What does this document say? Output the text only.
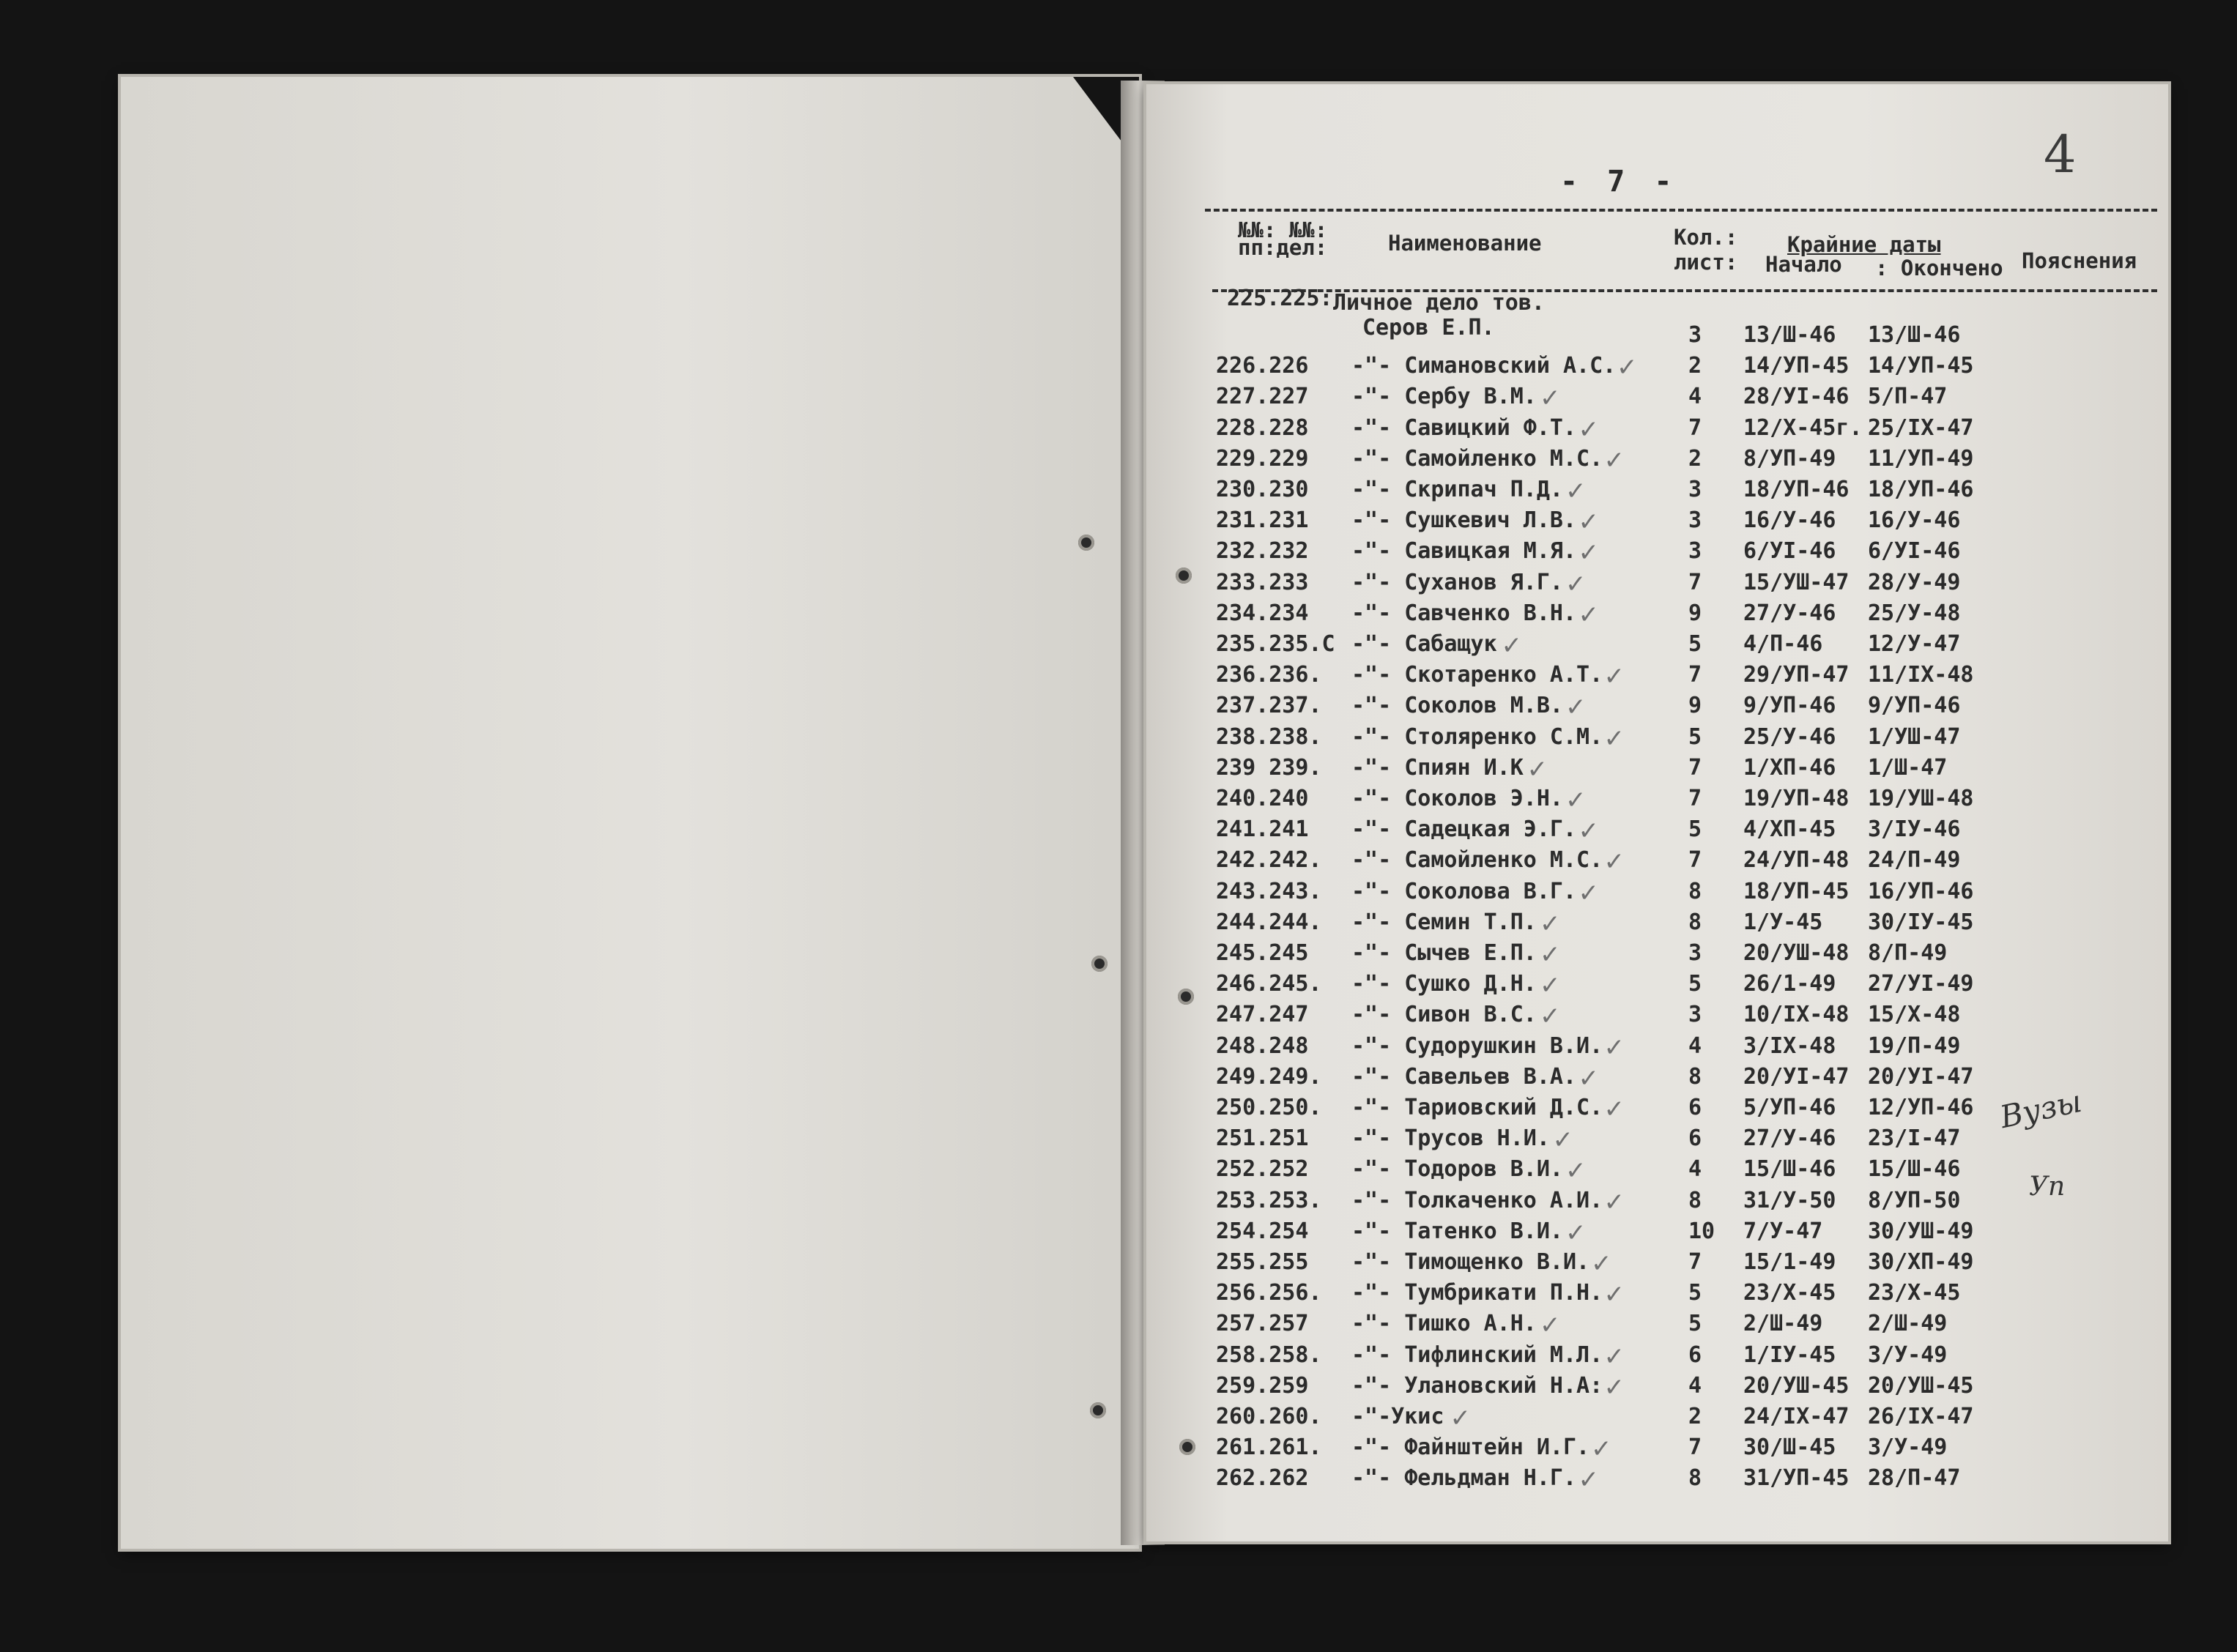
4
- 7 -
№№: №№:
пп:дел:	Наименование	Кол.:
лист:
Крайние даты
Начало : Окончено Пояснения
225.225: Личное дело тов.
Серов Е.П.	3 13/Ш-46 13/Ш-46
226.226 -"- Симановский А.С.	2 14/УП-45 14/УП-45
✓
227.227 -"- Сербу В.М.	4 28/УI-46 5/П-47
✓
228.228 -"- Савицкий Ф.Т.	7 12/Х-45г. 25/IХ-47
✓
229.229 -"- Самойленко М.С.	2 8/УП-49 11/УП-49
✓
230.230 -"- Скрипач П.Д.	3 18/УП-46 18/УП-46
✓
231.231 -"- Сушкевич Л.В.	3 16/У-46 16/У-46
✓
232.232 -"- Савицкая М.Я.	3 6/УI-46 6/УI-46
✓
233.233 -"- Суханов Я.Г.	7 15/УШ-47 28/У-49
✓
234.234 -"- Савченко В.Н.	9 27/У-46 25/У-48
✓
235.235.С -"- Сабащук	5 4/П-46 12/У-47
✓
236.236. -"- Скотаренко А.Т.	7 29/УП-47 11/IХ-48
✓
237.237. -"- Соколов М.В.	9 9/УП-46 9/УП-46
✓
238.238. -"- Столяренко С.М.	5 25/У-46 1/УШ-47
✓
239 239. -"- Спиян И.К	7 1/ХП-46 1/Ш-47
✓
240.240 -"- Соколов Э.Н.	7 19/УП-48 19/УШ-48
✓
241.241 -"- Садецкая Э.Г.	5 4/ХП-45 3/IУ-46
✓
242.242. -"- Самойленко М.С.	7 24/УП-48 24/П-49
✓
243.243. -"- Соколова В.Г.	8 18/УП-45 16/УП-46
✓
244.244. -"- Семин Т.П.	8 1/У-45 30/IУ-45
✓
245.245 -"- Сычев Е.П.	3 20/УШ-48 8/П-49
✓
246.245. -"- Сушко Д.Н.	5 26/1-49 27/УI-49
✓
247.247 -"- Сивон В.С.	3 10/IХ-48 15/Х-48
✓
248.248 -"- Судорушкин В.И.	4 3/IХ-48 19/П-49
✓
249.249. -"- Савельев В.А.	8 20/УI-47 20/УI-47
✓
250.250. -"- Тариовский Д.С.	6 5/УП-46 12/УП-46
✓
251.251 -"- Трусов Н.И.	6 27/У-46 23/I-47
✓
252.252 -"- Тодоров В.И.	4 15/Ш-46 15/Ш-46
✓
253.253. -"- Толкаченко А.И.	8 31/У-50 8/УП-50
✓
254.254 -"- Татенко В.И.	10 7/У-47 30/УШ-49
✓
255.255 -"- Тимощенко В.И.	7 15/1-49 30/ХП-49
✓
256.256. -"- Тумбрикати П.Н.	5 23/Х-45 23/Х-45
✓
257.257 -"- Тишко А.Н.	5 2/Ш-49 2/Ш-49
✓
258.258. -"- Тифлинский М.Л.	6 1/IУ-45 3/У-49
✓
259.259 -"- Улановский Н.А:	4 20/УШ-45 20/УШ-45
✓
260.260. -"-Укис	2 24/IХ-47 26/IХ-47
✓
261.261. -"- Файнштейн И.Г.	7 30/Ш-45 3/У-49
✓
262.262 -"- Фельдман Н.Г.	8 31/УП-45 28/П-47
✓
Вузы
Уп
